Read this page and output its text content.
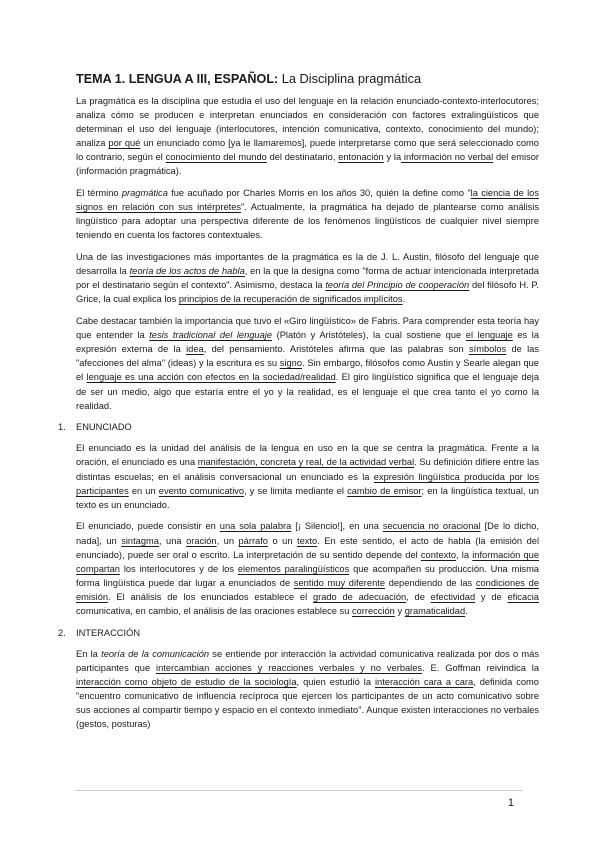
TEMA 1. LENGUA A III, ESPAÑOL: La Disciplina pragmática

La pragmática es la disciplina que estudia el uso del lenguaje en la relación enunciado-contexto-interlocutores; analiza cómo se producen e interpretan enunciados en consideración con factores extralingüísticos que determinan el uso del lenguaje (interlocutores, intención comunicativa, contexto, conocimiento del mundo); analiza por qué un enunciado como [ya le llamaremos], puede interpretarse como que será seleccionado como lo contrario, según el conocimiento del mundo del destinatario, entonación y la información no verbal del emisor (información pragmática).

El término pragmática fue acuñado por Charles Morris en los años 30, quién la define como "la ciencia de los signos en relación con sus intérpretes". Actualmente, la pragmática ha dejado de plantearse como análisis lingüístico para adoptar una perspectiva diferente de los fenómenos lingüísticos de cualquier nivel siempre teniendo en cuenta los factores contextuales.

Una de las investigaciones más importantes de la pragmática es la de J. L. Austin, filósofo del lenguaje que desarrolla la teoría de los actos de habla, en la que la designa como "forma de actuar intencionada interpretada por el destinatario según el contexto". Asimismo, destaca la teoría del Principio de cooperación del filósofo H. P. Grice, la cual explica los principios de la recuperación de significados implícitos.

Cabe destacar también la importancia que tuvo el «Giro lingüístico» de Fabris. Para comprender esta teoría hay que entender la tesis tradicional del lenguaje (Platón y Aristóteles), la cual sostiene que el lenguaje es la expresión externa de la idea, del pensamiento. Aristóteles afirma que las palabras son símbolos de las "afecciones del alma" (ideas) y la escritura es su signo. Sin embargo, filósofos como Austin y Searle alegan que el lenguaje es una acción con efectos en la sociedad/realidad. El giro lingüístico significa que el lenguaje deja de ser un medio, algo que estaría entre el yo y la realidad, es el lenguaje el que crea tanto el yo como la realidad.

1.	ENUNCIADO

El enunciado es la unidad del análisis de la lengua en uso en la que se centra la pragmática. Frente a la oración, el enunciado es una manifestación, concreta y real, de la actividad verbal. Su definición difiere entre las distintas escuelas; en el análisis conversacional un enunciado es la expresión lingüística producida por los participantes en un evento comunicativo, y se limita mediante el cambio de emisor; en la lingüística textual, un texto es un enunciado.

El enunciado, puede consistir en una sola palabra [¡ Silencio!], en una secuencia no oracional [De lo dicho, nada], un sintagma, una oración, un párrafo o un texto. En este sentido, el acto de habla (la emisión del enunciado), puede ser oral o escrito. La interpretación de su sentido depende del contexto, la información que compartan los interlocutores y de los elementos paralingüísticos que acompañen su producción. Una misma forma lingüística puede dar lugar a enunciados de sentido muy diferente dependiendo de las condiciones de emisión. El análisis de los enunciados establece el grado de adecuación, de efectividad y de eficacia comunicativa, en cambio, el análisis de las oraciones establece su corrección y gramaticalidad.

2.	INTERACCIÓN

En la teoría de la comunicación se entiende por interacción la actividad comunicativa realizada por dos o más participantes que intercambian acciones y reacciones verbales y no verbales. E. Goffman reivindica la interacción como objeto de estudio de la sociología, quien estudió la interacción cara a cara, definida como "encuentro comunicativo de influencia recíproca que ejercen los participantes de un acto comunicativo sobre sus acciones al compartir tiempo y espacio en el contexto inmediato". Aunque existen interacciones no verbales (gestos, posturas)

1
